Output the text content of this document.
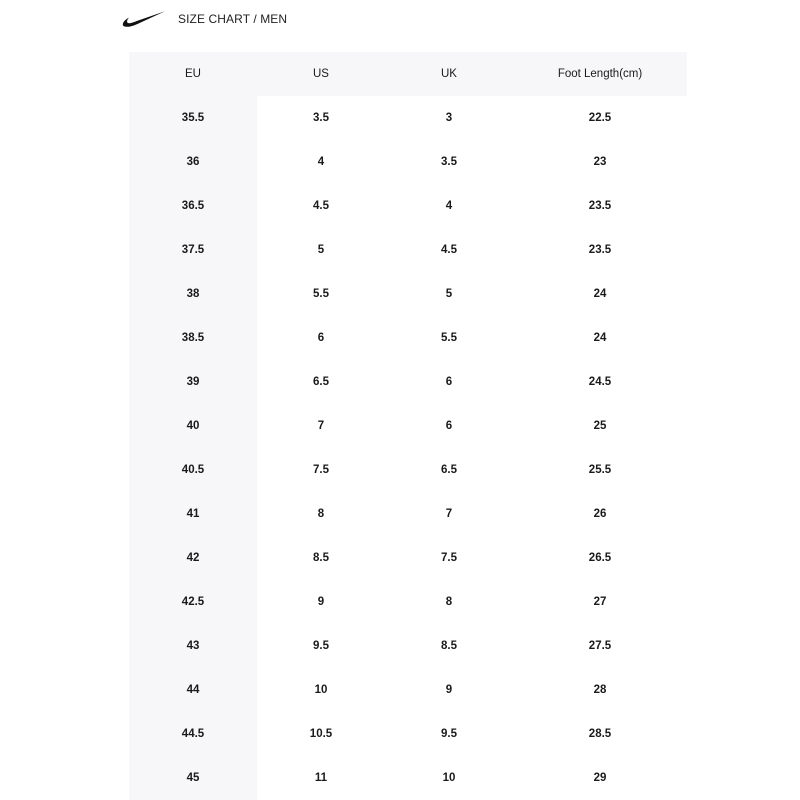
SIZE CHART / MEN
EU	US	UK	Foot Length(cm)
35.5	3.5	3	22.5
36	4	3.5	23
36.5	4.5	4	23.5
37.5	5	4.5	23.5
38	5.5	5	24
38.5	6	5.5	24
39	6.5	6	24.5
40	7	6	25
40.5	7.5	6.5	25.5
41	8	7	26
42	8.5	7.5	26.5
42.5	9	8	27
43	9.5	8.5	27.5
44	10	9	28
44.5	10.5	9.5	28.5
45	11	10	29
